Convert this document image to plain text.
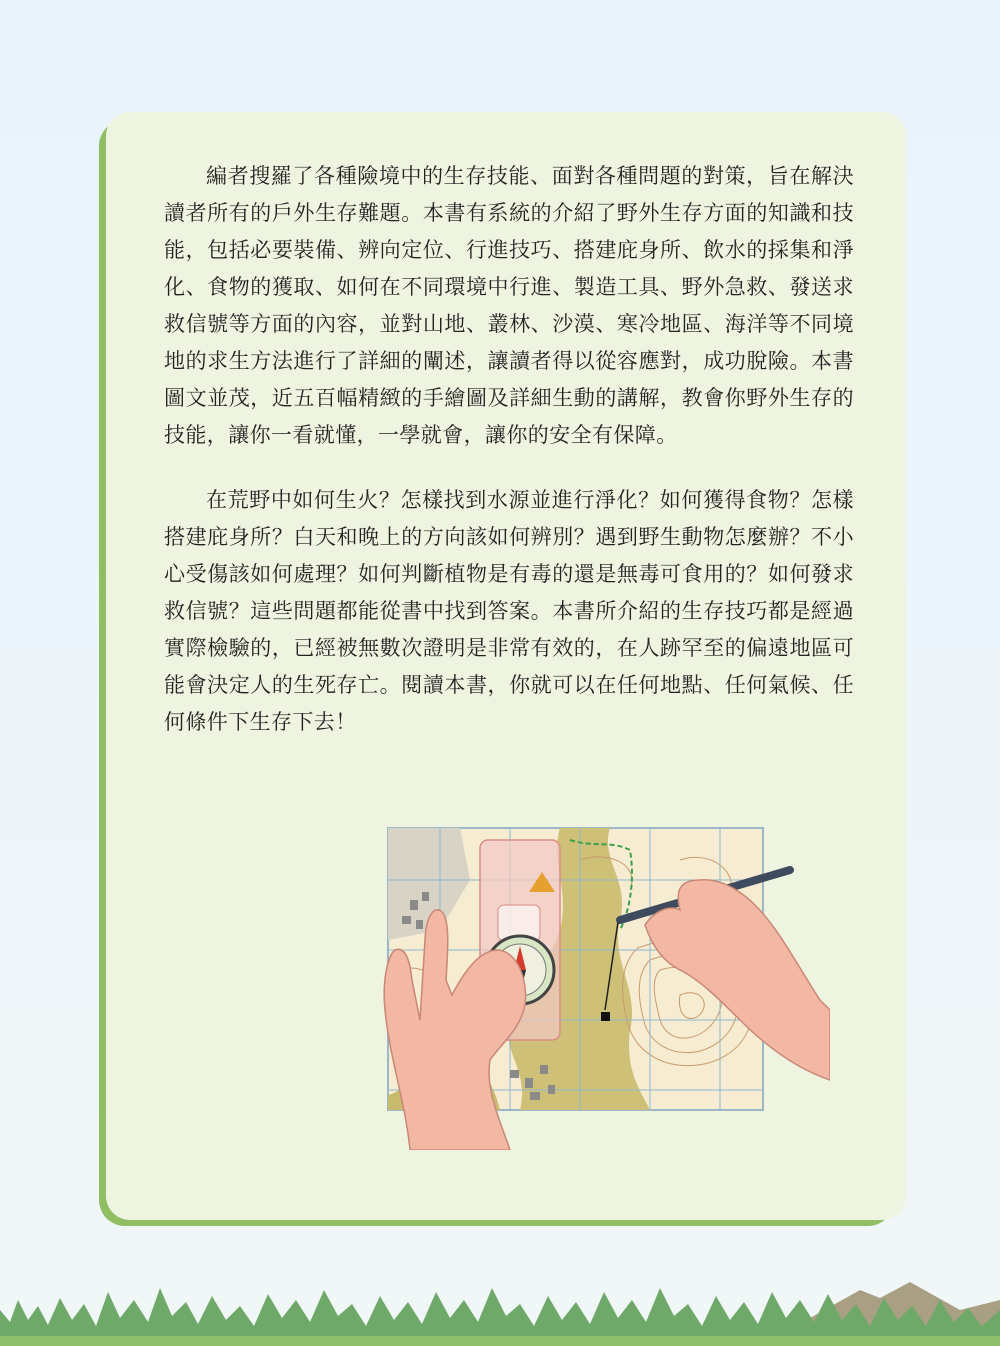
編者搜羅了各種險境中的生存技能、面對各種問題的對策，旨在解決讀者所有的戶外生存難題。本書有系統的介紹了野外生存方面的知識和技能，包括必要裝備、辨向定位、行進技巧、搭建庇身所、飲水的採集和淨化、食物的獲取、如何在不同環境中行進、製造工具、野外急救、發送求救信號等方面的內容，並對山地、叢林、沙漠、寒冷地區、海洋等不同境地的求生方法進行了詳細的闡述，讓讀者得以從容應對，成功脫險。本書圖文並茂，近五百幅精緻的手繪圖及詳細生動的講解，教會你野外生存的技能，讓你一看就懂，一學就會，讓你的安全有保障。

在荒野中如何生火？怎樣找到水源並進行淨化？如何獲得食物？怎樣搭建庇身所？白天和晚上的方向該如何辨別？遇到野生動物怎麼辦？不小心受傷該如何處理？如何判斷植物是有毒的還是無毒可食用的？如何發求救信號？這些問題都能從書中找到答案。本書所介紹的生存技巧都是經過實際檢驗的，已經被無數次證明是非常有效的，在人跡罕至的偏遠地區可能會決定人的生死存亡。閱讀本書，你就可以在任何地點、任何氣候、任何條件下生存下去！
